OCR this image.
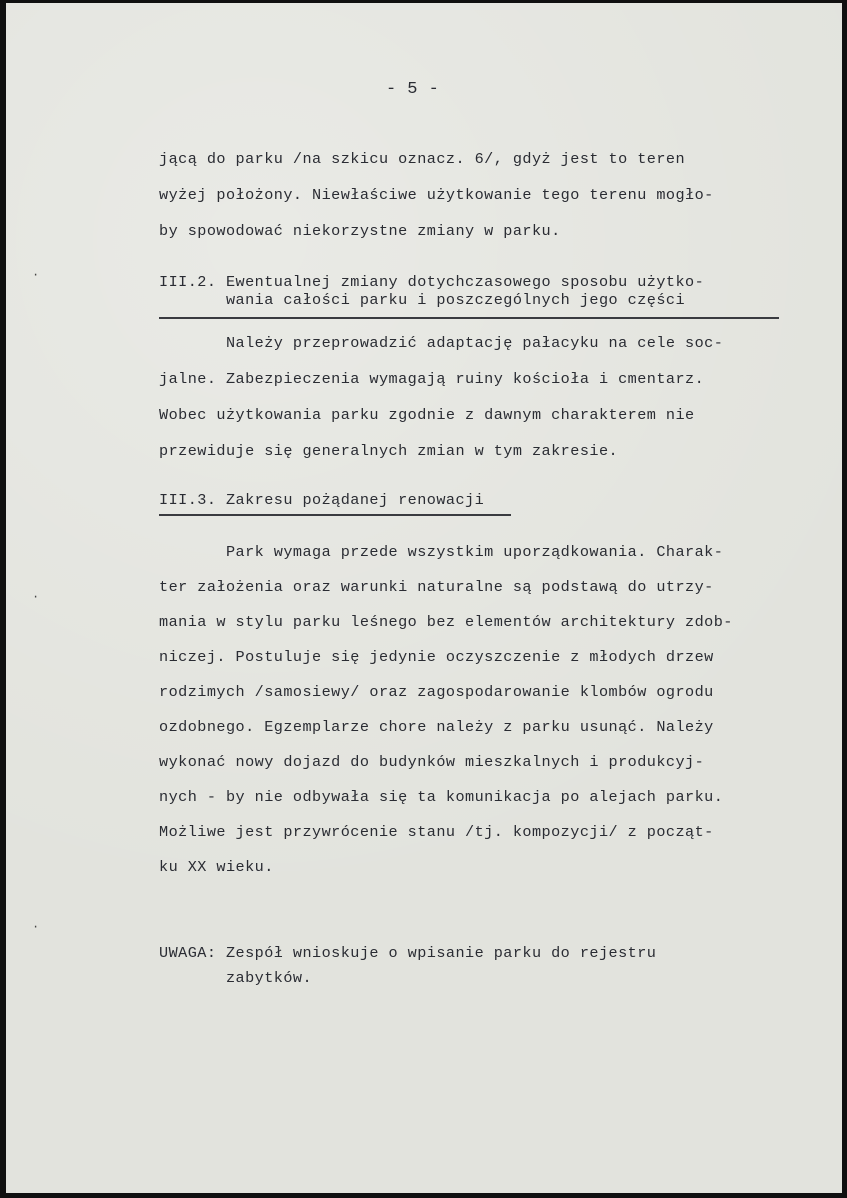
- 5 -
jącą do parku /na szkicu oznacz. 6/, gdyż jest to teren
wyżej położony. Niewłaściwe użytkowanie tego terenu mogło-
by spowodować niekorzystne zmiany w parku.
III.2. Ewentualnej zmiany dotychczasowego sposobu użytko-
wania całości parku i poszczególnych jego części
Należy przeprowadzić adaptację pałacyku na cele soc-
jalne. Zabezpieczenia wymagają ruiny kościoła i cmentarz.
Wobec użytkowania parku zgodnie z dawnym charakterem nie
przewiduje się generalnych zmian w tym zakresie.
III.3. Zakresu pożądanej renowacji
Park wymaga przede wszystkim uporządkowania. Charak-
ter założenia oraz warunki naturalne są podstawą do utrzy-
mania w stylu parku leśnego bez elementów architektury zdob-
niczej. Postuluje się jedynie oczyszczenie z młodych drzew
rodzimych /samosiewy/ oraz zagospodarowanie klombów ogrodu
ozdobnego. Egzemplarze chore należy z parku usunąć. Należy
wykonać nowy dojazd do budynków mieszkalnych i produkcyj-
nych - by nie odbywała się ta komunikacja po alejach parku.
Możliwe jest przywrócenie stanu /tj. kompozycji/ z począt-
ku XX wieku.
UWAGA: Zespół wnioskuje o wpisanie parku do rejestru
zabytków.
·
·
·
